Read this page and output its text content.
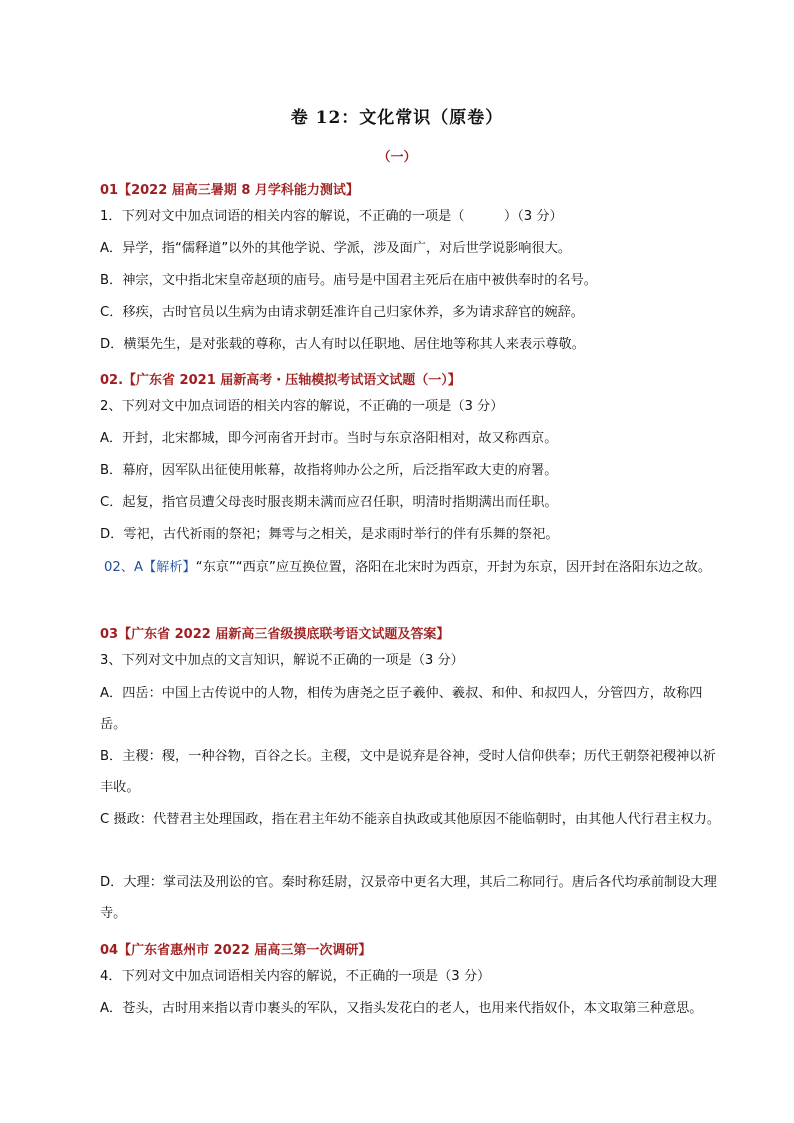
卷 12：文化常识（原卷）
（一）
01【2022 届高三暑期 8 月学科能力测试】
1．下列对文中加点词语的相关内容的解说，不正确的一项是（　　　）（3 分）
A．异学，指“儒释道”以外的其他学说、学派，涉及面广，对后世学说影响很大。
B．神宗，文中指北宋皇帝赵顼的庙号。庙号是中国君主死后在庙中被供奉时的名号。
C．移疾，古时官员以生病为由请求朝廷准许自己归家休养，多为请求辞官的婉辞。
D．横渠先生，是对张载的尊称，古人有时以任职地、居住地等称其人来表示尊敬。
02.【广东省 2021 届新高考・压轴模拟考试语文试题（一）】
2、下列对文中加点词语的相关内容的解说，不正确的一项是（3 分）
A．开封，北宋都城，即今河南省开封市。当时与东京洛阳相对，故又称西京。
B．幕府，因军队出征使用帐幕，故指将帅办公之所，后泛指军政大吏的府署。
C．起复，指官员遭父母丧时服丧期未满而应召任职，明清时指期满出而任职。
D．雩祀，古代祈雨的祭祀；舞雩与之相关，是求雨时举行的伴有乐舞的祭祀。
02、A【解析】“东京”“西京”应互换位置，洛阳在北宋时为西京，开封为东京，因开封在洛阳东边之故。
03【广东省 2022 届新高三省级摸底联考语文试题及答案】
3、下列对文中加点的文言知识，解说不正确的一项是（3 分）
A．四岳：中国上古传说中的人物，相传为唐尧之臣子羲仲、羲叔、和仲、和叔四人，分管四方，故称四岳。
B．主稷：稷，一种谷物，百谷之长。主稷，文中是说弃是谷神，受时人信仰供奉；历代王朝祭祀稷神以祈丰收。
C 摄政：代替君主处理国政，指在君主年幼不能亲自执政或其他原因不能临朝时，由其他人代行君主权力。
D．大理：掌司法及刑讼的官。秦时称廷尉，汉景帝中更名大理，其后二称同行。唐后各代均承前制设大理寺。
04【广东省惠州市 2022 届高三第一次调研】
4．下列对文中加点词语相关内容的解说，不正确的一项是（3 分）
A．苍头，古时用来指以青巾裹头的军队，又指头发花白的老人，也用来代指奴仆，本文取第三种意思。
